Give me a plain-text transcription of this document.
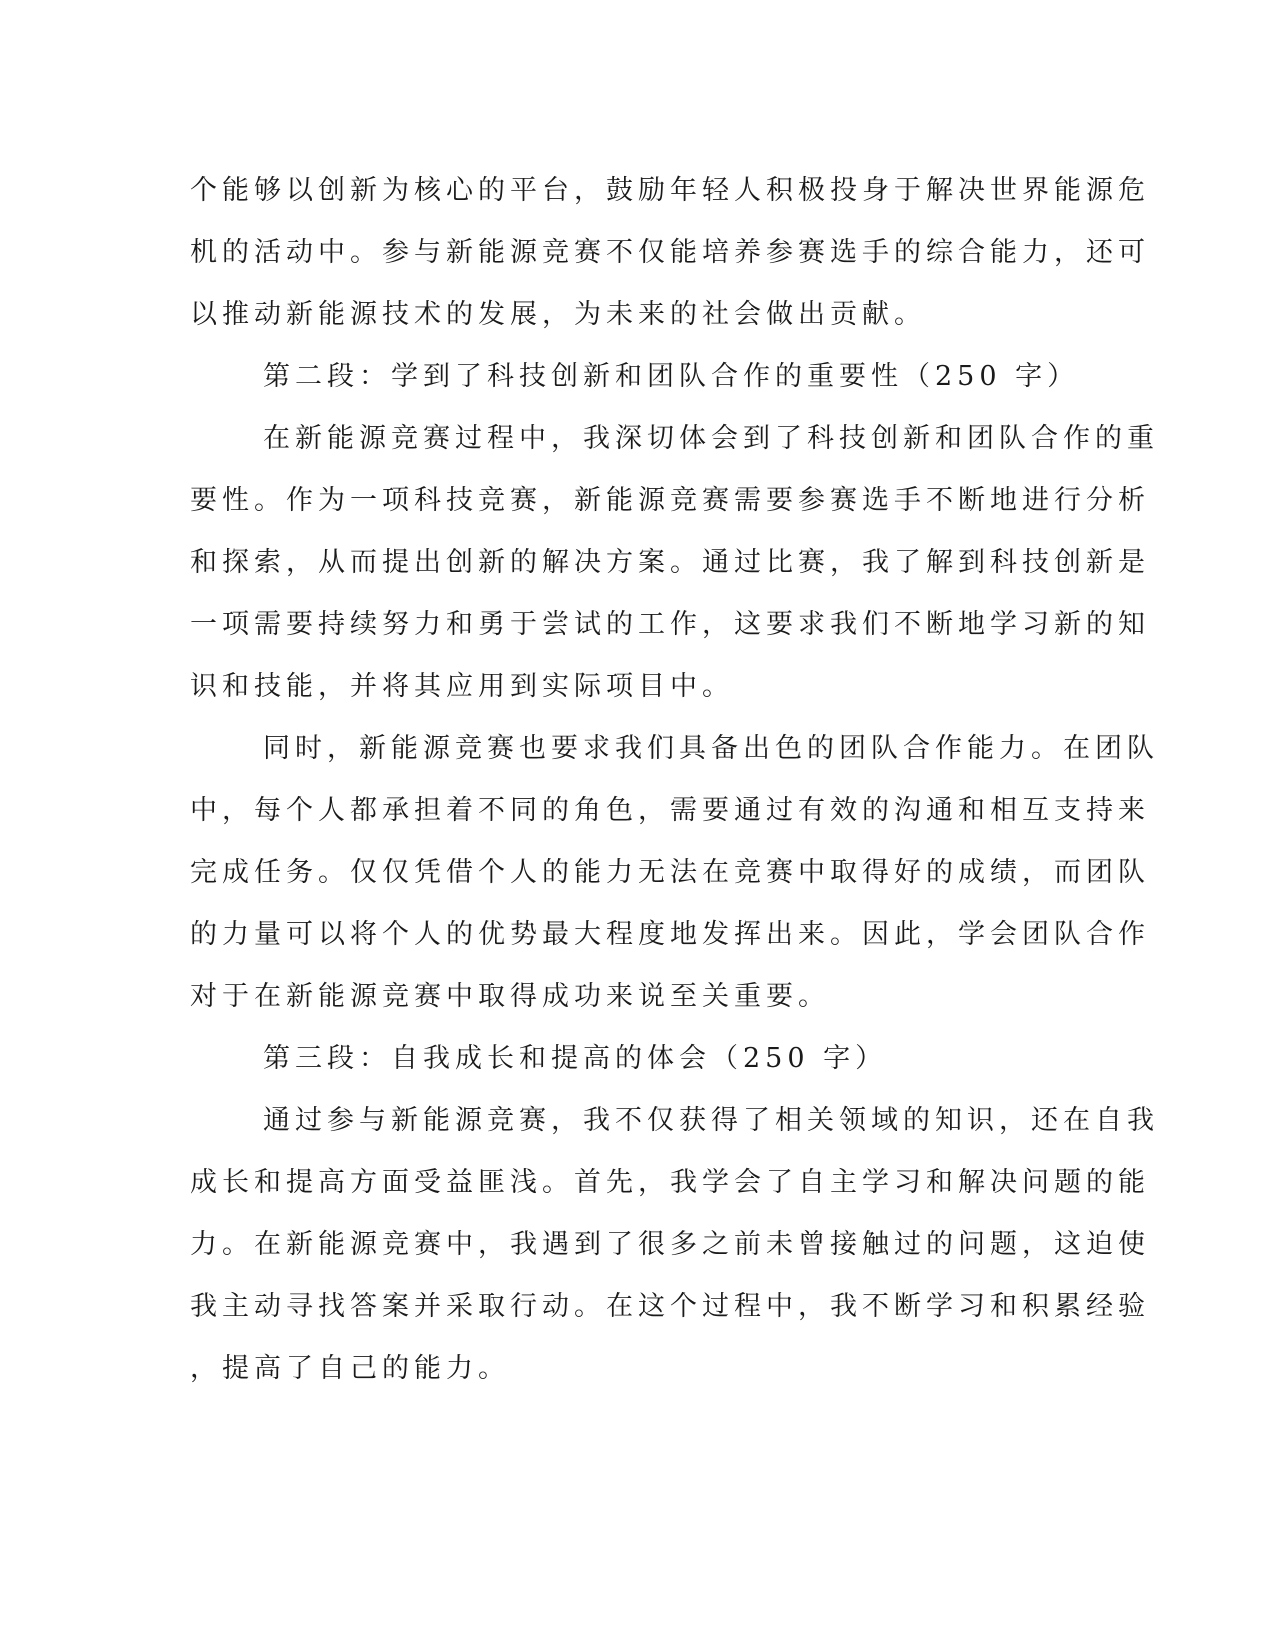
个能够以创新为核心的平台，鼓励年轻人积极投身于解决世界能源危
机的活动中。参与新能源竞赛不仅能培养参赛选手的综合能力，还可
以推动新能源技术的发展，为未来的社会做出贡献。
第二段：学到了科技创新和团队合作的重要性（250 字）
在新能源竞赛过程中，我深切体会到了科技创新和团队合作的重
要性。作为一项科技竞赛，新能源竞赛需要参赛选手不断地进行分析
和探索，从而提出创新的解决方案。通过比赛，我了解到科技创新是
一项需要持续努力和勇于尝试的工作，这要求我们不断地学习新的知
识和技能，并将其应用到实际项目中。
同时，新能源竞赛也要求我们具备出色的团队合作能力。在团队
中，每个人都承担着不同的角色，需要通过有效的沟通和相互支持来
完成任务。仅仅凭借个人的能力无法在竞赛中取得好的成绩，而团队
的力量可以将个人的优势最大程度地发挥出来。因此，学会团队合作
对于在新能源竞赛中取得成功来说至关重要。
第三段：自我成长和提高的体会（250 字）
通过参与新能源竞赛，我不仅获得了相关领域的知识，还在自我
成长和提高方面受益匪浅。首先，我学会了自主学习和解决问题的能
力。在新能源竞赛中，我遇到了很多之前未曾接触过的问题，这迫使
我主动寻找答案并采取行动。在这个过程中，我不断学习和积累经验
，提高了自己的能力。
